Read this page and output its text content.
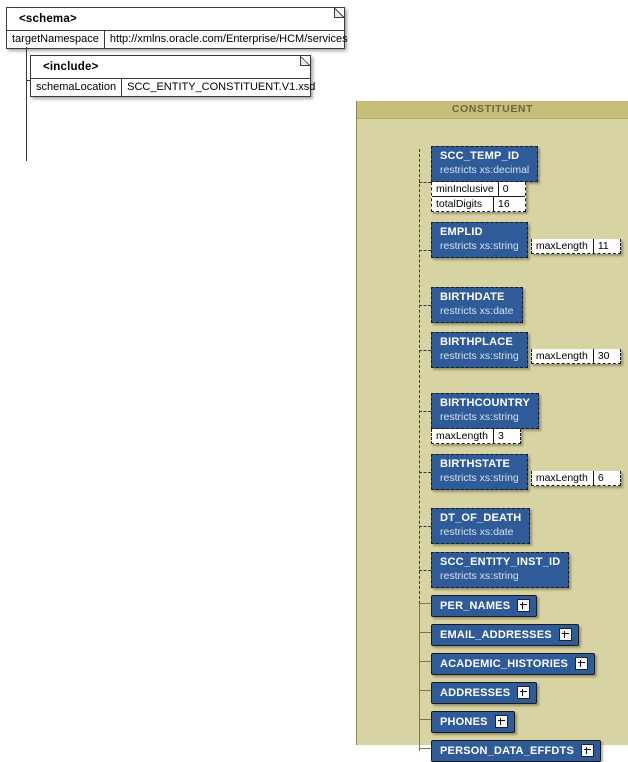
<schema>
targetNamespace	http://xmlns.oracle.com/Enterprise/HCM/services
<include>
schemaLocation	SCC_ENTITY_CONSTITUENT.V1.xsd
CONSTITUENT
SCC_TEMP_ID
restricts xs:decimal

minInclusive 0
totalDigits	16
EMPLID
restricts xs:string
	maxLength 11
BIRTHDATE
restricts xs:date
BIRTHPLACE
restricts xs:string
	maxLength 30
BIRTHCOUNTRY
restricts xs:string

maxLength 3
BIRTHSTATE
restricts xs:string
	maxLength 6
DT_OF_DEATH
restricts xs:date
SCC_ENTITY_INST_ID
restricts xs:string
PER_NAMES
EMAIL_ADDRESSES
ACADEMIC_HISTORIES
ADDRESSES
PHONES
PERSON_DATA_EFFDTS
